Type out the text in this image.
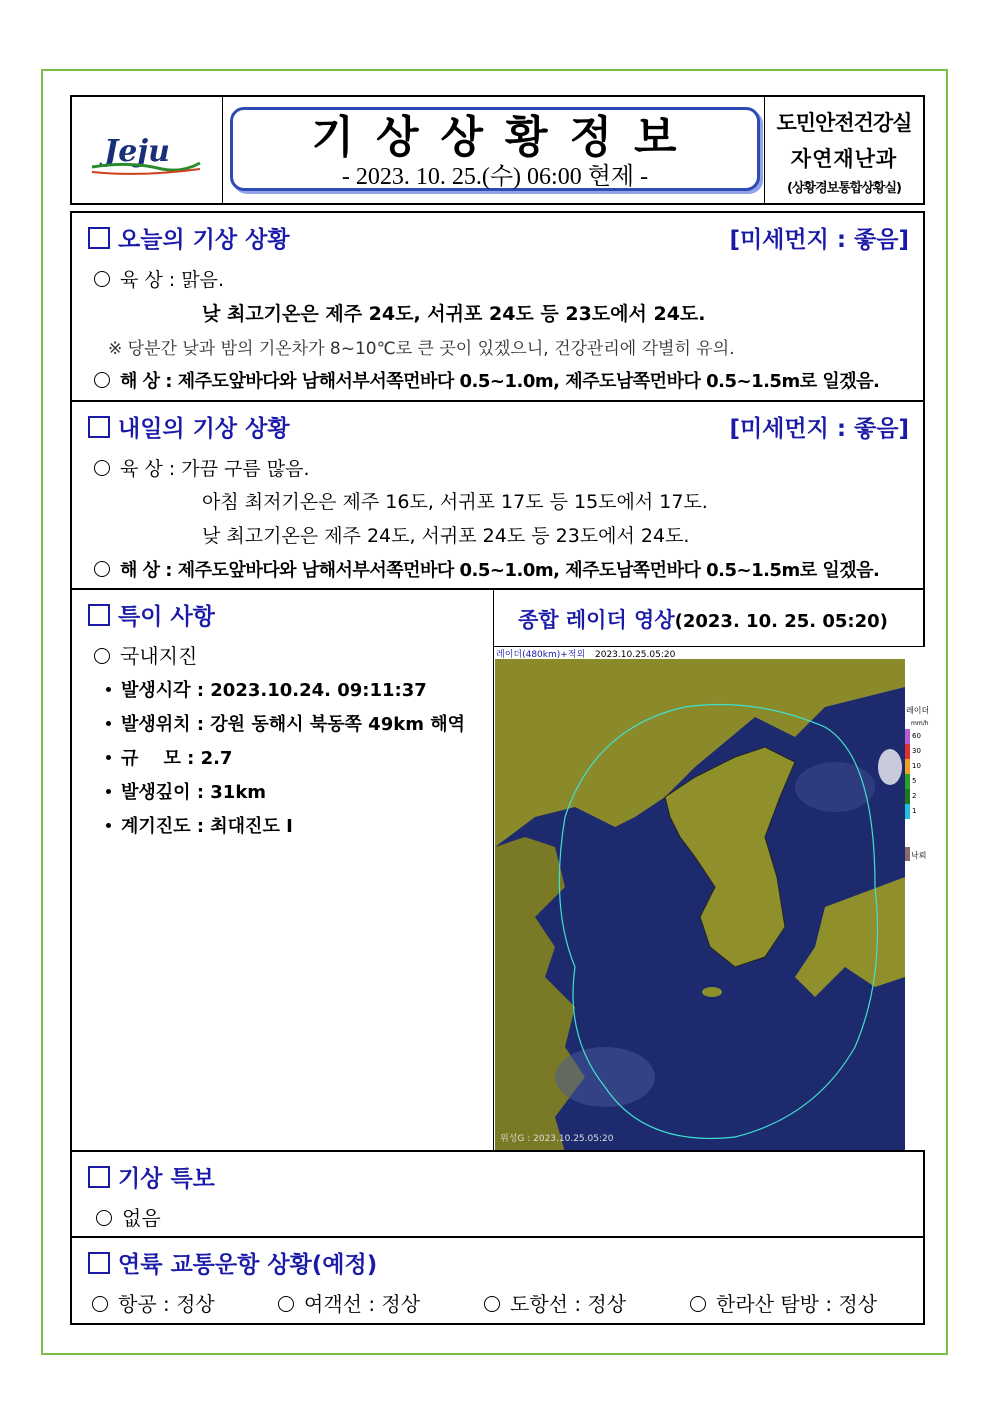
Jeju	기상상황정보
- 2023. 10. 25.(수) 06:00 현제 -
도민안전건강실
자연재난과
(상황경보통합상황실)
오늘의 기상 상황	[미세먼지 : 좋음]
육 상 : 맑음.
낮 최고기온은 제주 24도, 서귀포 24도 등 23도에서 24도.
※ 당분간 낮과 밤의 기온차가 8~10℃로 큰 곳이 있겠으니, 건강관리에 각별히 유의.
해 상 : 제주도앞바다와 남해서부서쪽먼바다 0.5~1.0m, 제주도남쪽먼바다 0.5~1.5m로 일겠음.
내일의 기상 상황	[미세먼지 : 좋음]
육 상 : 가끔 구름 많음.
아침 최저기온은 제주 16도, 서귀포 17도 등 15도에서 17도.
낮 최고기온은 제주 24도, 서귀포 24도 등 23도에서 24도.
해 상 : 제주도앞바다와 남해서부서쪽먼바다 0.5~1.0m, 제주도남쪽먼바다 0.5~1.5m로 일겠음.
특이 사항
국내지진
발생시각 : 2023.10.24. 09:11:37
발생위치 : 강원 동해시 북동쪽 49km 해역
규    모 : 2.7
발생깊이 : 31km
계기진도 : 최대진도 Ⅰ
종합 레이더 영상(2023. 10. 25. 05:20)
레이더(480km)+적외 2023.10.25.05:20
위성G : 2023.10.25.05:20
레이더
mm/h
60
30
10
5
2
1
낙뢰
기상 특보
없음
연륙 교통운항 상황(예정)
항공 : 정상	여객선 : 정상	도항선 : 정상	한라산 탐방 : 정상
